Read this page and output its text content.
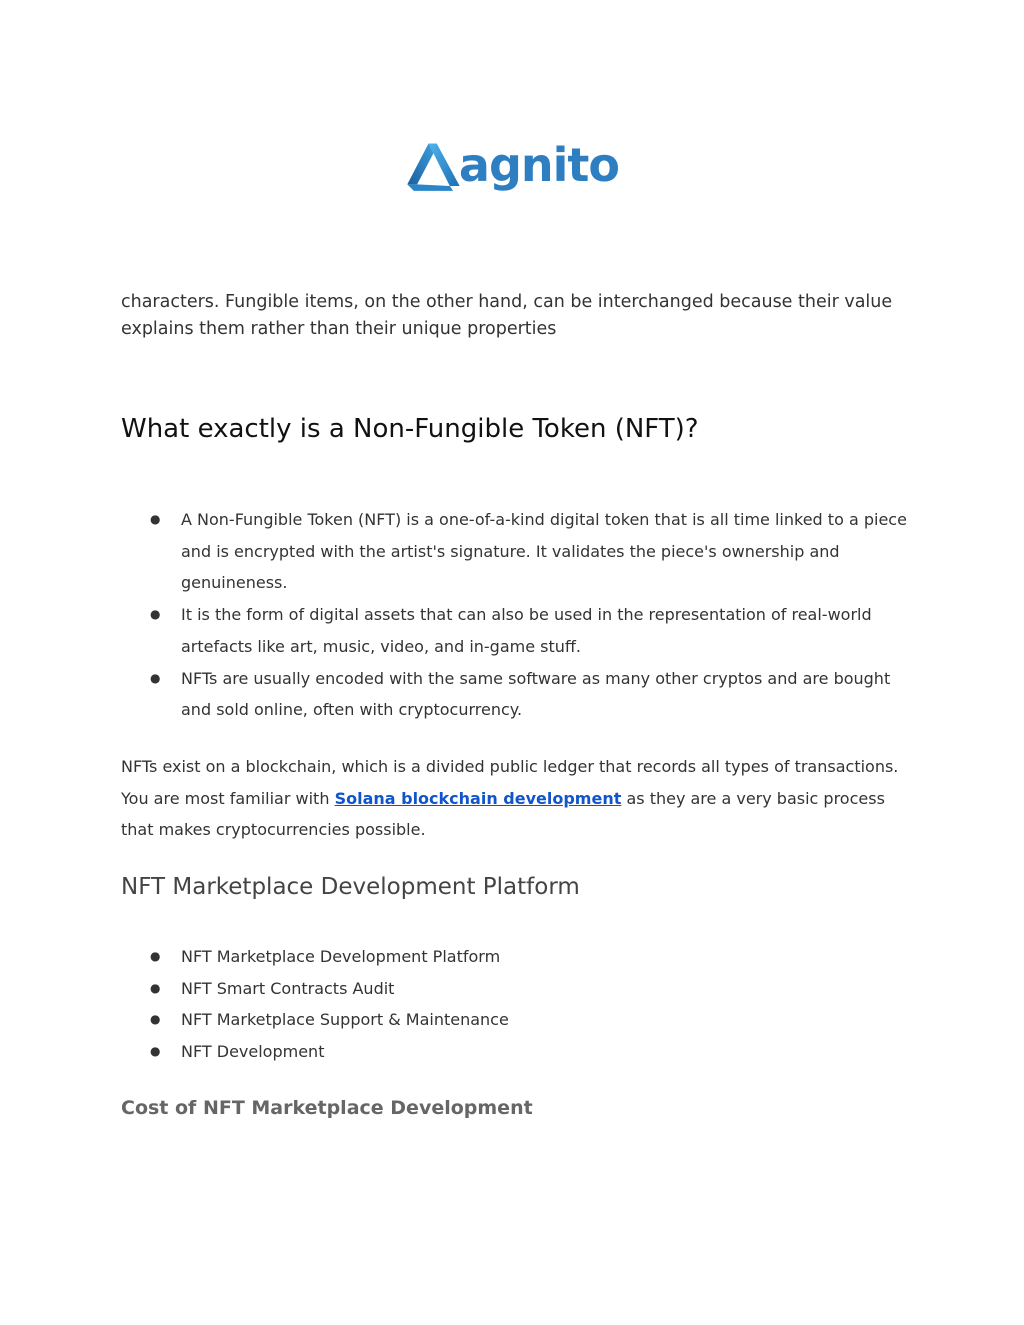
agnito

characters. Fungible items, on the other hand, can be interchanged because their value explains them rather than their unique properties

What exactly is a Non-Fungible Token (NFT)?
● A Non-Fungible Token (NFT) is a one-of-a-kind digital token that is all time linked to a piece and is encrypted with the artist's signature. It validates the piece's ownership and genuineness.
● It is the form of digital assets that can also be used in the representation of real-world artefacts like art, music, video, and in-game stuff.
● NFTs are usually encoded with the same software as many other cryptos and are bought and sold online, often with cryptocurrency.

NFTs exist on a blockchain, which is a divided public ledger that records all types of transactions. You are most familiar with Solana blockchain development as they are a very basic process that makes cryptocurrencies possible.

NFT Marketplace Development Platform
● NFT Marketplace Development Platform
● NFT Smart Contracts Audit
● NFT Marketplace Support & Maintenance
● NFT Development
Cost of NFT Marketplace Development
